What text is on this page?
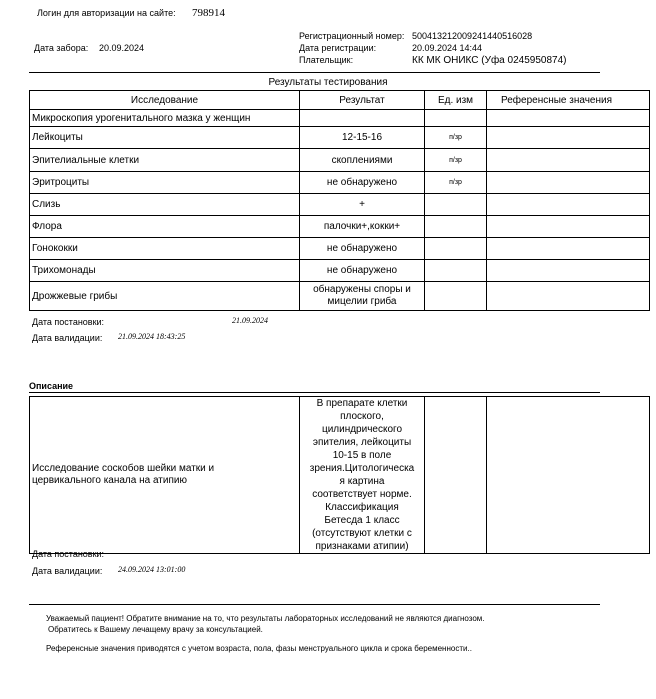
Логин для авторизации на сайте: 798914
Дата забора: 20.09.2024
Регистрационный номер: 500413212009241440516028
Дата регистрации:	20.09.2024 14:44
Плательщик:	КК МК ОНИКС (Уфа 0245950874)
Результаты тестирования
Исследование	Результат	Ед. изм	Референсные значения
Микроскопия урогенитального мазка у женщин			
Лейкоциты	12-15-16	п/зр	
Эпителиальные клетки	скоплениями	п/зр	
Эритроциты	не обнаружено	п/зр	
Слизь	+		
Флора	палочки+,кокки+		
Гонококки	не обнаружено		
Трихомонады	не обнаружено		
Дрожжевые грибы	обнаружены споры и
мицелии гриба		
Дата постановки:	21.09.2024
Дата валидации: 21.09.2024 18:43:25
Описание
Исследование соскобов шейки матки и
цервикального канала на атипию	В препарате клетки
плоского,
цилиндрического
эпителия, лейкоциты
10-15 в поле
зрения.Цитологическа
я картина
соответствует норме.
Классификация
Бетесда 1 класс
(отсутствуют клетки с
признаками атипии)		
Дата постановки:
Дата валидации: 24.09.2024 13:01:00
Уважаемый пациент! Обратите внимание на то, что результаты лабораторных исследований не являются диагнозом.
Обратитесь к Вашему лечащему врачу за консультацией.
Референсные значения приводятся с учетом возраста, пола, фазы менструального цикла и срока беременности..
